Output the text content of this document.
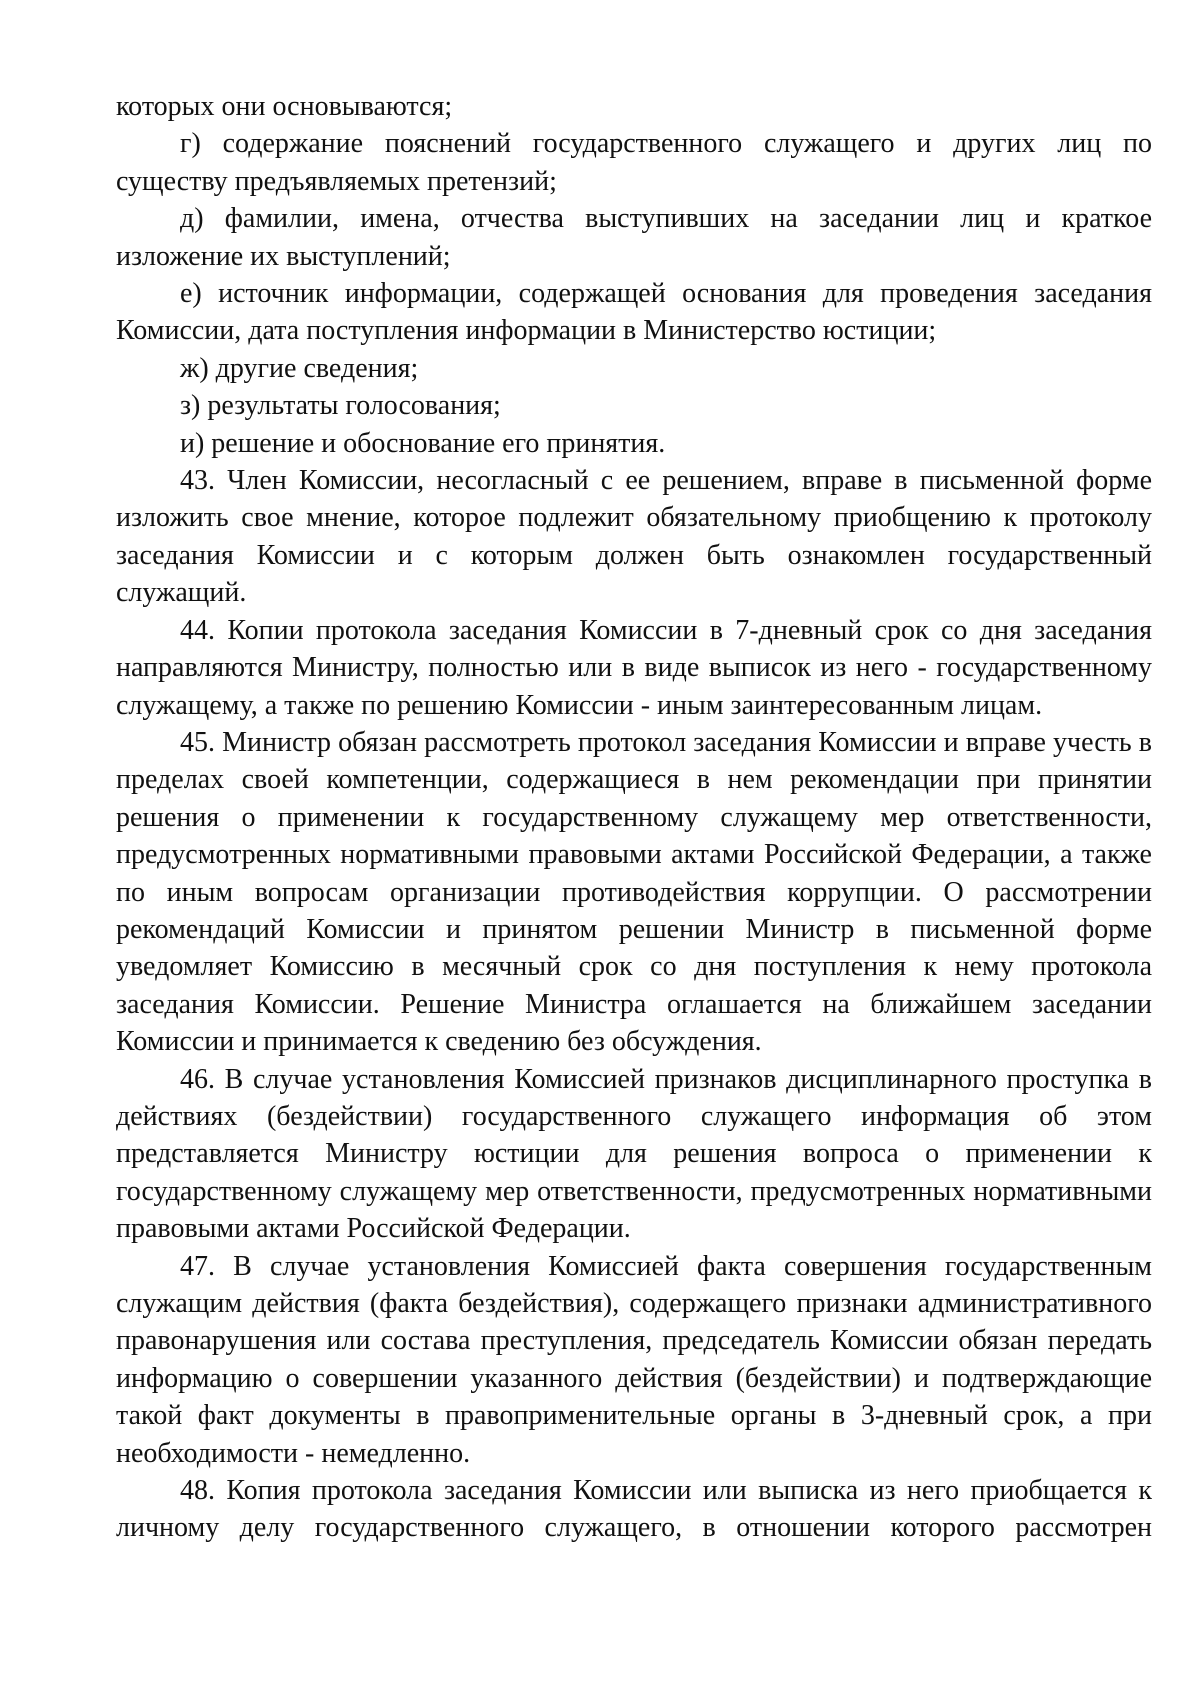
которых они основываются;

г) содержание пояснений государственного служащего и других лиц по существу предъявляемых претензий;

д) фамилии, имена, отчества выступивших на заседании лиц и краткое изложение их выступлений;

е) источник информации, содержащей основания для проведения заседания Комиссии, дата поступления информации в Министерство юстиции;

ж) другие сведения;

з) результаты голосования;

и) решение и обоснование его принятия.

43. Член Комиссии, несогласный с ее решением, вправе в письменной форме изложить свое мнение, которое подлежит обязательному приобщению к протоколу заседания Комиссии и с которым должен быть ознакомлен государственный служащий.

44. Копии протокола заседания Комиссии в 7-дневный срок со дня заседания направляются Министру, полностью или в виде выписок из него - государственному служащему, а также по решению Комиссии - иным заинтересованным лицам.

45. Министр обязан рассмотреть протокол заседания Комиссии и вправе учесть в пределах своей компетенции, содержащиеся в нем рекомендации при принятии решения о применении к государственному служащему мер ответственности, предусмотренных нормативными правовыми актами Российской Федерации, а также по иным вопросам организации противодействия коррупции. О рассмотрении рекомендаций Комиссии и принятом решении Министр в письменной форме уведомляет Комиссию в месячный срок со дня поступления к нему протокола заседания Комиссии. Решение Министра оглашается на ближайшем заседании Комиссии и принимается к сведению без обсуждения.

46. В случае установления Комиссией признаков дисциплинарного проступка в действиях (бездействии) государственного служащего информация об этом представляется Министру юстиции для решения вопроса о применении к государственному служащему мер ответственности, предусмотренных нормативными правовыми актами Российской Федерации.

47. В случае установления Комиссией факта совершения государственным служащим действия (факта бездействия), содержащего признаки административного правонарушения или состава преступления, председатель Комиссии обязан передать информацию о совершении указанного действия (бездействии) и подтверждающие такой факт документы в правоприменительные органы в 3-дневный срок, а при необходимости - немедленно.

48. Копия протокола заседания Комиссии или выписка из него приобщается к личному делу государственного служащего, в отношении которого рассмотрен
